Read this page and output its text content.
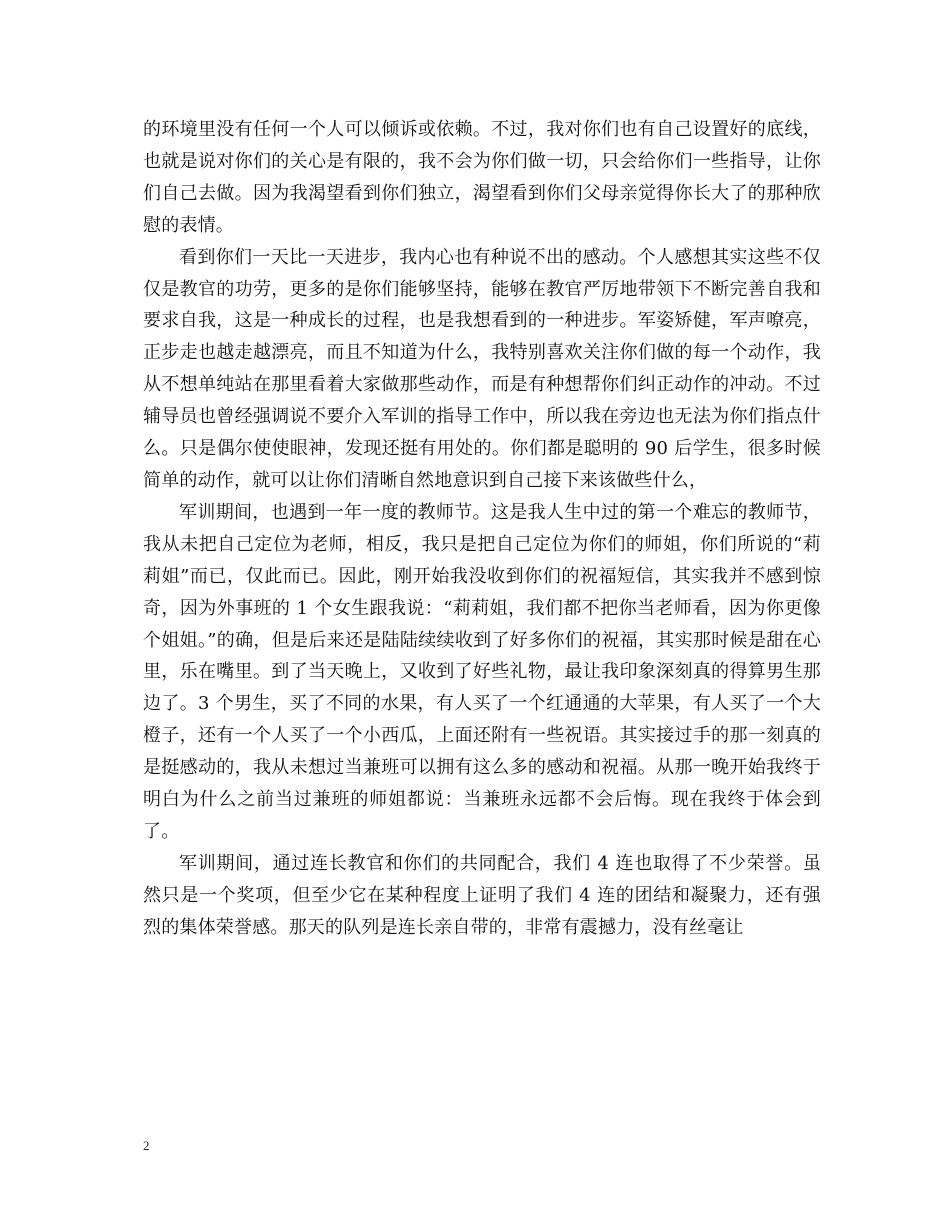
的环境里没有任何一个人可以倾诉或依赖。不过，我对你们也有自己设置好的底线，也就是说对你们的关心是有限的，我不会为你们做一切，只会给你们一些指导，让你们自己去做。因为我渴望看到你们独立，渴望看到你们父母亲觉得你长大了的那种欣慰的表情。

看到你们一天比一天进步，我内心也有种说不出的感动。个人感想其实这些不仅仅是教官的功劳，更多的是你们能够坚持，能够在教官严厉地带领下不断完善自我和要求自我，这是一种成长的过程，也是我想看到的一种进步。军姿矫健，军声嘹亮，正步走也越走越漂亮，而且不知道为什么，我特别喜欢关注你们做的每一个动作，我从不想单纯站在那里看着大家做那些动作，而是有种想帮你们纠正动作的冲动。不过辅导员也曾经强调说不要介入军训的指导工作中，所以我在旁边也无法为你们指点什么。只是偶尔使使眼神，发现还挺有用处的。你们都是聪明的 90 后学生，很多时候简单的动作，就可以让你们清晰自然地意识到自己接下来该做些什么，

军训期间，也遇到一年一度的教师节。这是我人生中过的第一个难忘的教师节，我从未把自己定位为老师，相反，我只是把自己定位为你们的师姐，你们所说的“莉莉姐”而已，仅此而已。因此，刚开始我没收到你们的祝福短信，其实我并不感到惊奇，因为外事班的 1 个女生跟我说：“莉莉姐，我们都不把你当老师看，因为你更像个姐姐。”的确，但是后来还是陆陆续续收到了好多你们的祝福，其实那时候是甜在心里，乐在嘴里。到了当天晚上，又收到了好些礼物，最让我印象深刻真的得算男生那边了。3 个男生，买了不同的水果，有人买了一个红通通的大苹果，有人买了一个大橙子，还有一个人买了一个小西瓜，上面还附有一些祝语。其实接过手的那一刻真的是挺感动的，我从未想过当兼班可以拥有这么多的感动和祝福。从那一晚开始我终于明白为什么之前当过兼班的师姐都说：当兼班永远都不会后悔。现在我终于体会到了。

军训期间，通过连长教官和你们的共同配合，我们 4 连也取得了不少荣誉。虽然只是一个奖项，但至少它在某种程度上证明了我们 4 连的团结和凝聚力，还有强烈的集体荣誉感。那天的队列是连长亲自带的，非常有震撼力，没有丝毫让

2
